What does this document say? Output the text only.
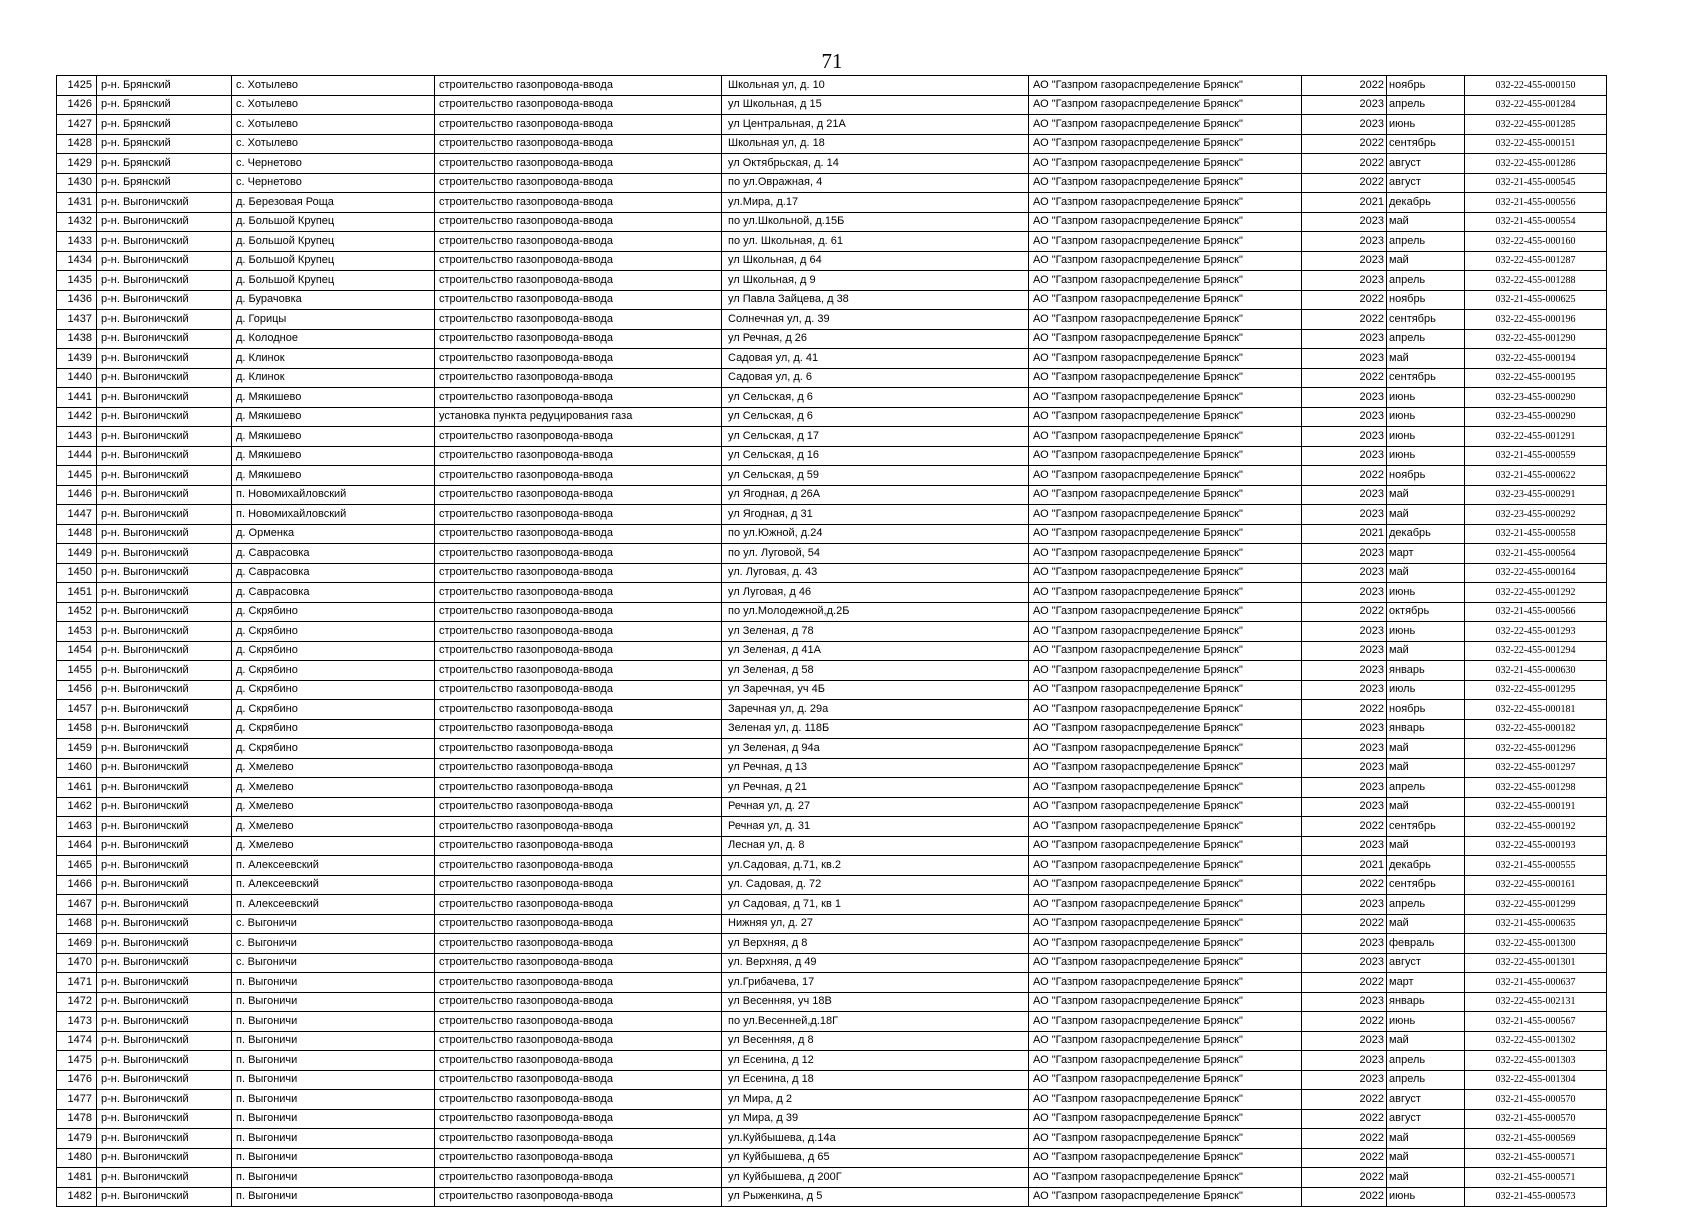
71
1425	р-н. Брянский	с. Хотылево	строительство газопровода-ввода	Школьная ул, д. 10	АО "Газпром газораспределение Брянск"	2022	ноябрь	032-22-455-000150
1426	р-н. Брянский	с. Хотылево	строительство газопровода-ввода	ул Школьная, д 15	АО "Газпром газораспределение Брянск"	2023	апрель	032-22-455-001284
1427	р-н. Брянский	с. Хотылево	строительство газопровода-ввода	ул Центральная, д 21А	АО "Газпром газораспределение Брянск"	2023	июнь	032-22-455-001285
1428	р-н. Брянский	с. Хотылево	строительство газопровода-ввода	Школьная ул, д. 18	АО "Газпром газораспределение Брянск"	2022	сентябрь	032-22-455-000151
1429	р-н. Брянский	с. Чернетово	строительство газопровода-ввода	ул Октябрьская, д. 14	АО "Газпром газораспределение Брянск"	2022	август	032-22-455-001286
1430	р-н. Брянский	с. Чернетово	строительство газопровода-ввода	по ул.Овражная, 4	АО "Газпром газораспределение Брянск"	2022	август	032-21-455-000545
1431	р-н. Выгоничский	д. Березовая Роща	строительство газопровода-ввода	ул.Мира, д.17	АО "Газпром газораспределение Брянск"	2021	декабрь	032-21-455-000556
1432	р-н. Выгоничский	д. Большой Крупец	строительство газопровода-ввода	по ул.Школьной, д.15Б	АО "Газпром газораспределение Брянск"	2023	май	032-21-455-000554
1433	р-н. Выгоничский	д. Большой Крупец	строительство газопровода-ввода	по ул. Школьная, д. 61	АО "Газпром газораспределение Брянск"	2023	апрель	032-22-455-000160
1434	р-н. Выгоничский	д. Большой Крупец	строительство газопровода-ввода	ул Школьная, д 64	АО "Газпром газораспределение Брянск"	2023	май	032-22-455-001287
1435	р-н. Выгоничский	д. Большой Крупец	строительство газопровода-ввода	ул Школьная, д 9	АО "Газпром газораспределение Брянск"	2023	апрель	032-22-455-001288
1436	р-н. Выгоничский	д. Бурачовка	строительство газопровода-ввода	ул Павла Зайцева, д 38	АО "Газпром газораспределение Брянск"	2022	ноябрь	032-21-455-000625
1437	р-н. Выгоничский	д. Горицы	строительство газопровода-ввода	Солнечная ул, д. 39	АО "Газпром газораспределение Брянск"	2022	сентябрь	032-22-455-000196
1438	р-н. Выгоничский	д. Колодное	строительство газопровода-ввода	ул Речная, д 26	АО "Газпром газораспределение Брянск"	2023	апрель	032-22-455-001290
1439	р-н. Выгоничский	д. Клинок	строительство газопровода-ввода	Садовая ул, д. 41	АО "Газпром газораспределение Брянск"	2023	май	032-22-455-000194
1440	р-н. Выгоничский	д. Клинок	строительство газопровода-ввода	Садовая ул, д. 6	АО "Газпром газораспределение Брянск"	2022	сентябрь	032-22-455-000195
1441	р-н. Выгоничский	д. Мякишево	строительство газопровода-ввода	ул Сельская, д 6	АО "Газпром газораспределение Брянск"	2023	июнь	032-23-455-000290
1442	р-н. Выгоничский	д. Мякишево	установка пункта редуцирования газа	ул Сельская, д 6	АО "Газпром газораспределение Брянск"	2023	июнь	032-23-455-000290
1443	р-н. Выгоничский	д. Мякишево	строительство газопровода-ввода	ул Сельская, д 17	АО "Газпром газораспределение Брянск"	2023	июнь	032-22-455-001291
1444	р-н. Выгоничский	д. Мякишево	строительство газопровода-ввода	ул Сельская, д 16	АО "Газпром газораспределение Брянск"	2023	июнь	032-21-455-000559
1445	р-н. Выгоничский	д. Мякишево	строительство газопровода-ввода	ул Сельская, д 59	АО "Газпром газораспределение Брянск"	2022	ноябрь	032-21-455-000622
1446	р-н. Выгоничский	п. Новомихайловский	строительство газопровода-ввода	ул Ягодная, д 26А	АО "Газпром газораспределение Брянск"	2023	май	032-23-455-000291
1447	р-н. Выгоничский	п. Новомихайловский	строительство газопровода-ввода	ул Ягодная, д 31	АО "Газпром газораспределение Брянск"	2023	май	032-23-455-000292
1448	р-н. Выгоничский	д. Орменка	строительство газопровода-ввода	по ул.Южной, д.24	АО "Газпром газораспределение Брянск"	2021	декабрь	032-21-455-000558
1449	р-н. Выгоничский	д. Саврасовка	строительство газопровода-ввода	по ул. Луговой, 54	АО "Газпром газораспределение Брянск"	2023	март	032-21-455-000564
1450	р-н. Выгоничский	д. Саврасовка	строительство газопровода-ввода	ул. Луговая, д. 43	АО "Газпром газораспределение Брянск"	2023	май	032-22-455-000164
1451	р-н. Выгоничский	д. Саврасовка	строительство газопровода-ввода	ул Луговая, д 46	АО "Газпром газораспределение Брянск"	2023	июнь	032-22-455-001292
1452	р-н. Выгоничский	д. Скрябино	строительство газопровода-ввода	по ул.Молодежной,д.2Б	АО "Газпром газораспределение Брянск"	2022	октябрь	032-21-455-000566
1453	р-н. Выгоничский	д. Скрябино	строительство газопровода-ввода	ул Зеленая, д 78	АО "Газпром газораспределение Брянск"	2023	июнь	032-22-455-001293
1454	р-н. Выгоничский	д. Скрябино	строительство газопровода-ввода	ул Зеленая, д 41А	АО "Газпром газораспределение Брянск"	2023	май	032-22-455-001294
1455	р-н. Выгоничский	д. Скрябино	строительство газопровода-ввода	ул Зеленая, д 58	АО "Газпром газораспределение Брянск"	2023	январь	032-21-455-000630
1456	р-н. Выгоничский	д. Скрябино	строительство газопровода-ввода	ул Заречная, уч 4Б	АО "Газпром газораспределение Брянск"	2023	июль	032-22-455-001295
1457	р-н. Выгоничский	д. Скрябино	строительство газопровода-ввода	Заречная ул, д. 29а	АО "Газпром газораспределение Брянск"	2022	ноябрь	032-22-455-000181
1458	р-н. Выгоничский	д. Скрябино	строительство газопровода-ввода	Зеленая ул, д. 118Б	АО "Газпром газораспределение Брянск"	2023	январь	032-22-455-000182
1459	р-н. Выгоничский	д. Скрябино	строительство газопровода-ввода	ул Зеленая, д 94а	АО "Газпром газораспределение Брянск"	2023	май	032-22-455-001296
1460	р-н. Выгоничский	д. Хмелево	строительство газопровода-ввода	ул Речная, д 13	АО "Газпром газораспределение Брянск"	2023	май	032-22-455-001297
1461	р-н. Выгоничский	д. Хмелево	строительство газопровода-ввода	ул Речная, д 21	АО "Газпром газораспределение Брянск"	2023	апрель	032-22-455-001298
1462	р-н. Выгоничский	д. Хмелево	строительство газопровода-ввода	Речная ул, д. 27	АО "Газпром газораспределение Брянск"	2023	май	032-22-455-000191
1463	р-н. Выгоничский	д. Хмелево	строительство газопровода-ввода	Речная ул, д. 31	АО "Газпром газораспределение Брянск"	2022	сентябрь	032-22-455-000192
1464	р-н. Выгоничский	д. Хмелево	строительство газопровода-ввода	Лесная ул, д. 8	АО "Газпром газораспределение Брянск"	2023	май	032-22-455-000193
1465	р-н. Выгоничский	п. Алексеевский	строительство газопровода-ввода	ул.Садовая, д.71, кв.2	АО "Газпром газораспределение Брянск"	2021	декабрь	032-21-455-000555
1466	р-н. Выгоничский	п. Алексеевский	строительство газопровода-ввода	ул. Садовая, д. 72	АО "Газпром газораспределение Брянск"	2022	сентябрь	032-22-455-000161
1467	р-н. Выгоничский	п. Алексеевский	строительство газопровода-ввода	ул Садовая, д 71, кв 1	АО "Газпром газораспределение Брянск"	2023	апрель	032-22-455-001299
1468	р-н. Выгоничский	с. Выгоничи	строительство газопровода-ввода	Нижняя ул, д. 27	АО "Газпром газораспределение Брянск"	2022	май	032-21-455-000635
1469	р-н. Выгоничский	с. Выгоничи	строительство газопровода-ввода	ул Верхняя, д 8	АО "Газпром газораспределение Брянск"	2023	февраль	032-22-455-001300
1470	р-н. Выгоничский	с. Выгоничи	строительство газопровода-ввода	ул. Верхняя, д 49	АО "Газпром газораспределение Брянск"	2023	август	032-22-455-001301
1471	р-н. Выгоничский	п. Выгоничи	строительство газопровода-ввода	ул.Грибачева, 17	АО "Газпром газораспределение Брянск"	2022	март	032-21-455-000637
1472	р-н. Выгоничский	п. Выгоничи	строительство газопровода-ввода	ул Весенняя, уч 18В	АО "Газпром газораспределение Брянск"	2023	январь	032-22-455-002131
1473	р-н. Выгоничский	п. Выгоничи	строительство газопровода-ввода	по ул.Весенней,д.18Г	АО "Газпром газораспределение Брянск"	2022	июнь	032-21-455-000567
1474	р-н. Выгоничский	п. Выгоничи	строительство газопровода-ввода	ул Весенняя, д 8	АО "Газпром газораспределение Брянск"	2023	май	032-22-455-001302
1475	р-н. Выгоничский	п. Выгоничи	строительство газопровода-ввода	ул Есенина, д 12	АО "Газпром газораспределение Брянск"	2023	апрель	032-22-455-001303
1476	р-н. Выгоничский	п. Выгоничи	строительство газопровода-ввода	ул Есенина, д 18	АО "Газпром газораспределение Брянск"	2023	апрель	032-22-455-001304
1477	р-н. Выгоничский	п. Выгоничи	строительство газопровода-ввода	ул Мира, д 2	АО "Газпром газораспределение Брянск"	2022	август	032-21-455-000570
1478	р-н. Выгоничский	п. Выгоничи	строительство газопровода-ввода	ул Мира, д 39	АО "Газпром газораспределение Брянск"	2022	август	032-21-455-000570
1479	р-н. Выгоничский	п. Выгоничи	строительство газопровода-ввода	ул.Куйбышева, д.14а	АО "Газпром газораспределение Брянск"	2022	май	032-21-455-000569
1480	р-н. Выгоничский	п. Выгоничи	строительство газопровода-ввода	ул Куйбышева, д 65	АО "Газпром газораспределение Брянск"	2022	май	032-21-455-000571
1481	р-н. Выгоничский	п. Выгоничи	строительство газопровода-ввода	ул Куйбышева, д 200Г	АО "Газпром газораспределение Брянск"	2022	май	032-21-455-000571
1482	р-н. Выгоничский	п. Выгоничи	строительство газопровода-ввода	ул Рыженкина, д 5	АО "Газпром газораспределение Брянск"	2022	июнь	032-21-455-000573
